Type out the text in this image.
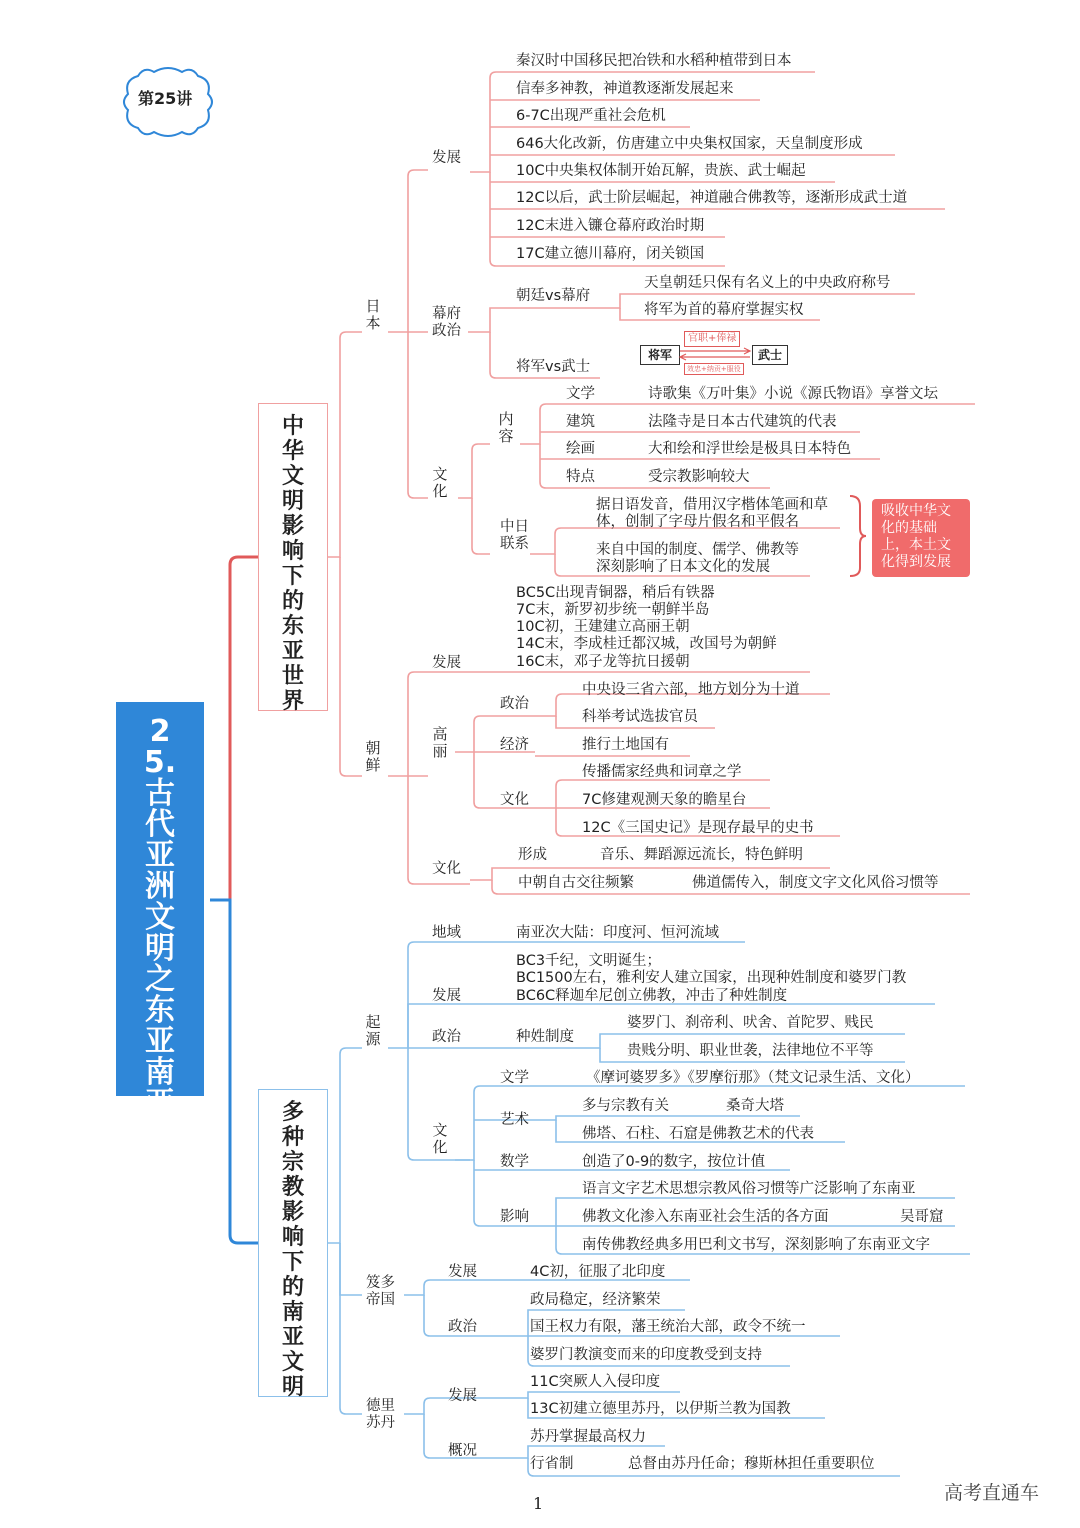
第25讲
25.古代亚洲文明之东亚南亚
中华文明影响下的东亚世界
日本
发展
秦汉时中国移民把冶铁和水稻种植带到日本
信奉多神教，神道教逐渐发展起来
6-7C出现严重社会危机
646大化改新，仿唐建立中央集权国家，天皇制度形成
10C中央集权体制开始瓦解，贵族、武士崛起
12C以后，武士阶层崛起，神道融合佛教等，逐渐形成武士道
12C末进入镰仓幕府政治时期
17C建立德川幕府，闭关锁国
幕府政治
朝廷vs幕府
天皇朝廷只保有名义上的中央政府称号
将军为首的幕府掌握实权
将军vs武士
将军	武士
官职+俸禄
效忠+纳贡+服役
文化
内容
文学	诗歌集《万叶集》小说《源氏物语》享誉文坛
建筑	法隆寺是日本古代建筑的代表
绘画	大和绘和浮世绘是极具日本特色
特点	受宗教影响较大
中日联系
据日语发音，借用汉字楷体笔画和草体，创制了字母片假名和平假名
来自中国的制度、儒学、佛教等深刻影响了日本文化的发展
吸收中华文化的基础上，本土文化得到发展
朝鲜
发展
BC5C出现青铜器，稍后有铁器
7C末，新罗初步统一朝鲜半岛
10C初，王建建立高丽王朝
14C末，李成桂迁都汉城，改国号为朝鲜
16C末，邓子龙等抗日援朝
高丽
政治
中央设三省六部，地方划分为十道
科举考试选拔官员
经济	推行土地国有
文化
传播儒家经典和词章之学
7C修建观测天象的瞻星台
12C《三国史记》是现存最早的史书
文化
形成	音乐、舞蹈源远流长，特色鲜明
中朝自古交往频繁	佛道儒传入，制度文字文化风俗习惯等
多种宗教影响下的南亚文明
起源
地域	南亚次大陆：印度河、恒河流域
发展
BC3千纪，文明诞生；
BC1500左右，雅利安人建立国家，出现种姓制度和婆罗门教
BC6C释迦牟尼创立佛教，冲击了种姓制度
政治	种姓制度
婆罗门、刹帝利、吠舍、首陀罗、贱民
贵贱分明、职业世袭，法律地位不平等
文化
文学	《摩诃婆罗多》《罗摩衍那》（梵文记录生活、文化）
艺术
多与宗教有关	桑奇大塔
佛塔、石柱、石窟是佛教艺术的代表
数学	创造了0-9的数字，按位计值
影响
语言文字艺术思想宗教风俗习惯等广泛影响了东南亚
佛教文化渗入东南亚社会生活的各方面	吴哥窟
南传佛教经典多用巴利文书写，深刻影响了东南亚文字
笈多帝国
发展	4C初，征服了北印度
政治
政局稳定，经济繁荣
国王权力有限，藩王统治大部，政令不统一
婆罗门教演变而来的印度教受到支持
德里苏丹
发展
11C突厥人入侵印度
13C初建立德里苏丹，以伊斯兰教为国教
概况
苏丹掌握最高权力
行省制	总督由苏丹任命；穆斯林担任重要职位
1	高考直通车
